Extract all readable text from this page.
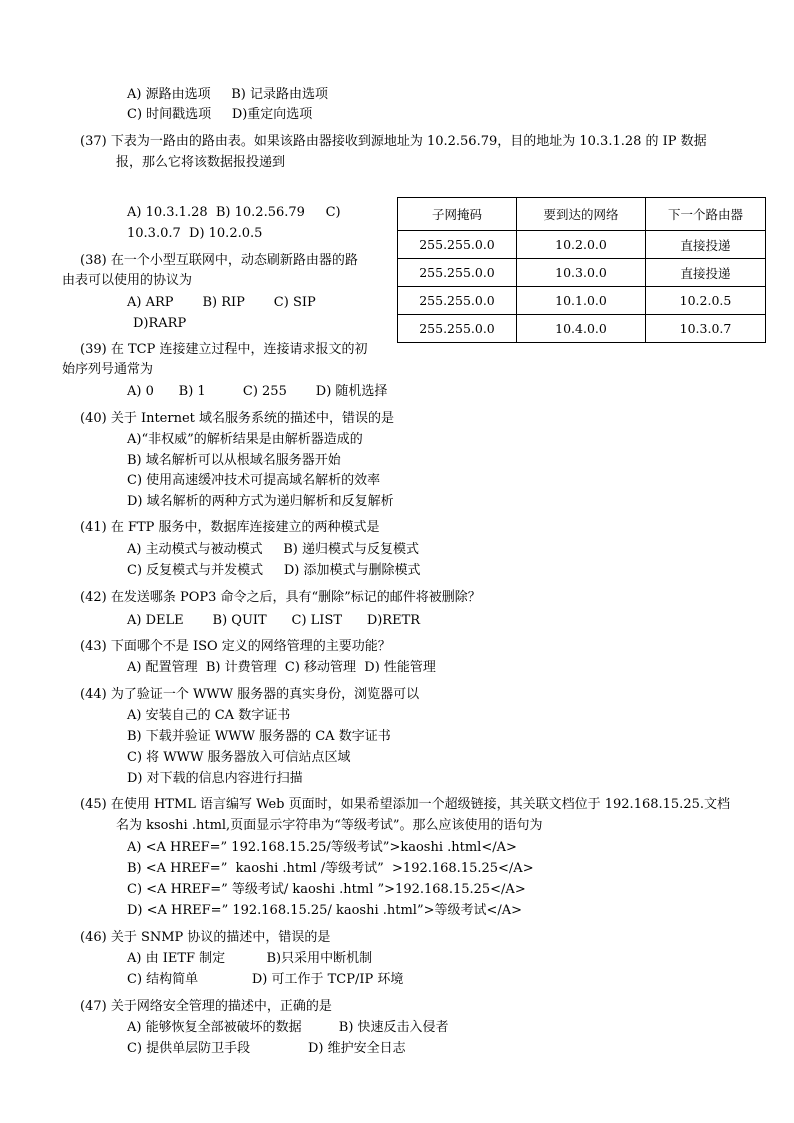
A) 源路由选项     B) 记录路由选项
C) 时间戳选项     D)重定向选项
(37) 下表为一路由的路由表。如果该路由器接收到源地址为 10.2.56.79，目的地址为 10.3.1.28 的 IP 数据
报，那么它将该数据报投递到
A) 10.3.1.28  B) 10.2.56.79     C)
10.3.0.7  D) 10.2.0.5
(38) 在一个小型互联网中，动态刷新路由器的路
由表可以使用的协议为
A) ARP       B) RIP       C) SIP
D)RARP
(39) 在 TCP 连接建立过程中，连接请求报文的初
始序列号通常为
A) 0      B) 1         C) 255       D) 随机选择
(40) 关于 Internet 域名服务系统的描述中，错误的是
A)“非权威”的解析结果是由解析器造成的
B) 域名解析可以从根域名服务器开始
C) 使用高速缓冲技术可提高域名解析的效率
D) 域名解析的两种方式为递归解析和反复解析
(41) 在 FTP 服务中，数据库连接建立的两种模式是
A) 主动模式与被动模式     B) 递归模式与反复模式
C) 反复模式与并发模式     D) 添加模式与删除模式
(42) 在发送哪条 POP3 命令之后，具有“删除”标记的邮件将被删除？
A) DELE       B) QUIT      C) LIST      D)RETR
(43) 下面哪个不是 ISO 定义的网络管理的主要功能？
A) 配置管理  B) 计费管理  C) 移动管理  D) 性能管理
(44) 为了验证一个 WWW 服务器的真实身份，浏览器可以
A) 安装自己的 CA 数字证书
B) 下载并验证 WWW 服务器的 CA 数字证书
C) 将 WWW 服务器放入可信站点区域
D) 对下载的信息内容进行扫描
(45) 在使用 HTML 语言编写 Web 页面时，如果希望添加一个超级链接，其关联文档位于 192.168.15.25.文档
名为 ksoshi .html,页面显示字符串为“等级考试”。那么应该使用的语句为
A) <A HREF=” 192.168.15.25/等级考试”>kaoshi .html</A>
B) <A HREF=”  kaoshi .html /等级考试”  >192.168.15.25</A>
C) <A HREF=” 等级考试/ kaoshi .html ”>192.168.15.25</A>
D) <A HREF=” 192.168.15.25/ kaoshi .html”>等级考试</A>
(46) 关于 SNMP 协议的描述中，错误的是
A) 由 IETF 制定          B)只采用中断机制
C) 结构简单             D) 可工作于 TCP/IP 环境
(47) 关于网络安全管理的描述中，正确的是
A) 能够恢复全部被破坏的数据         B) 快速反击入侵者
C) 提供单层防卫手段              D) 维护安全日志
子网掩码	要到达的网络	下一个路由器
255.255.0.0	10.2.0.0	直接投递
255.255.0.0	10.3.0.0	直接投递
255.255.0.0	10.1.0.0	10.2.0.5
255.255.0.0	10.4.0.0	10.3.0.7
